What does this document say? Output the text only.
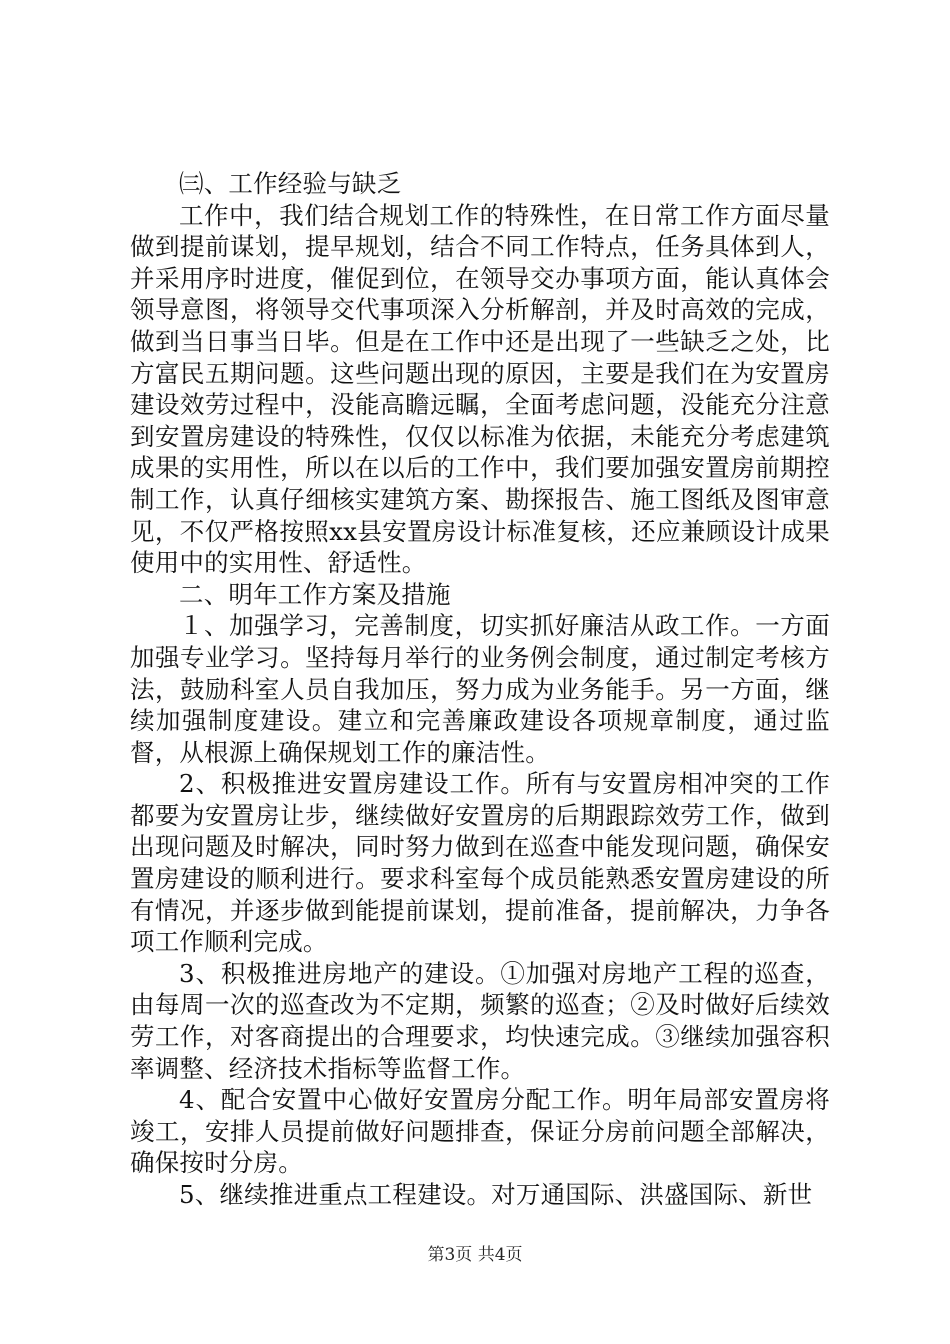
㈢、工作经验与缺乏

工作中，我们结合规划工作的特殊性，在日常工作方面尽量做到提前谋划，提早规划，结合不同工作特点，任务具体到人，并采用序时进度，催促到位，在领导交办事项方面，能认真体会领导意图，将领导交代事项深入分析解剖，并及时高效的完成，做到当日事当日毕。但是在工作中还是出现了一些缺乏之处，比方富民五期问题。这些问题出现的原因，主要是我们在为安置房建设效劳过程中，没能高瞻远瞩，全面考虑问题，没能充分注意到安置房建设的特殊性，仅仅以标准为依据，未能充分考虑建筑成果的实用性，所以在以后的工作中，我们要加强安置房前期控制工作，认真仔细核实建筑方案、勘探报告、施工图纸及图审意见，不仅严格按照xx县安置房设计标准复核，还应兼顾设计成果使用中的实用性、舒适性。

二、明年工作方案及措施

１、加强学习，完善制度，切实抓好廉洁从政工作。一方面加强专业学习。坚持每月举行的业务例会制度，通过制定考核方法，鼓励科室人员自我加压，努力成为业务能手。另一方面，继续加强制度建设。建立和完善廉政建设各项规章制度，通过监督，从根源上确保规划工作的廉洁性。

2、积极推进安置房建设工作。所有与安置房相冲突的工作都要为安置房让步，继续做好安置房的后期跟踪效劳工作，做到出现问题及时解决，同时努力做到在巡查中能发现问题，确保安置房建设的顺利进行。要求科室每个成员能熟悉安置房建设的所有情况，并逐步做到能提前谋划，提前准备，提前解决，力争各项工作顺利完成。

3、积极推进房地产的建设。①加强对房地产工程的巡查，由每周一次的巡查改为不定期，频繁的巡查；②及时做好后续效劳工作，对客商提出的合理要求，均快速完成。③继续加强容积率调整、经济技术指标等监督工作。

4、配合安置中心做好安置房分配工作。明年局部安置房将竣工，安排人员提前做好问题排查，保证分房前问题全部解决，确保按时分房。

5、继续推进重点工程建设。对万通国际、洪盛国际、新世

第3页 共4页
